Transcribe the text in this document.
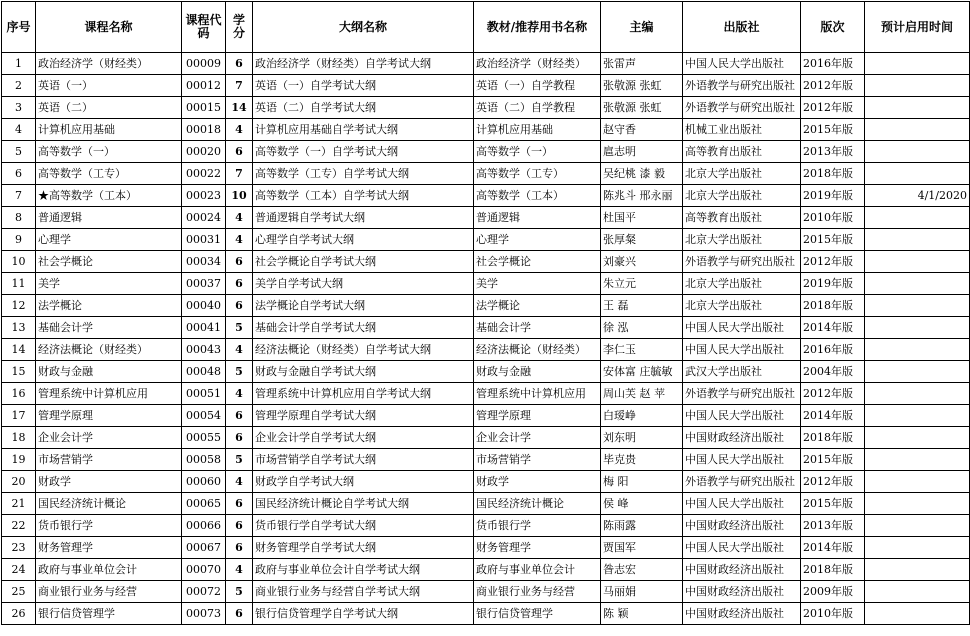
序号	课程名称	课程代码	学分	大纲名称	教材/推荐用书名称	主编	出版社	版次	预计启用时间
1	政治经济学（财经类）	00009	6	政治经济学（财经类）自学考试大纲	政治经济学（财经类）	张雷声	中国人民大学出版社	2016年版	
2	英语（一）	00012	7	英语（一）自学考试大纲	英语（一）自学教程	张敬源 张虹	外语教学与研究出版社	2012年版	
3	英语（二）	00015	14	英语（二）自学考试大纲	英语（二）自学教程	张敬源 张虹	外语教学与研究出版社	2012年版	
4	计算机应用基础	00018	4	计算机应用基础自学考试大纲	计算机应用基础	赵守香	机械工业出版社	2015年版	
5	高等数学（一）	00020	6	高等数学（一）自学考试大纲	高等数学（一）	扈志明	高等教育出版社	2013年版	
6	高等数学（工专）	00022	7	高等数学（工专）自学考试大纲	高等数学（工专）	吴纪桃 漆 毅	北京大学出版社	2018年版	
7	★高等数学（工本）	00023	10	高等数学（工本）自学考试大纲	高等数学（工本）	陈兆斗 邢永丽	北京大学出版社	2019年版	4/1/2020
8	普通逻辑	00024	4	普通逻辑自学考试大纲	普通逻辑	杜国平	高等教育出版社	2010年版	
9	心理学	00031	4	心理学自学考试大纲	心理学	张厚粲	北京大学出版社	2015年版	
10	社会学概论	00034	6	社会学概论自学考试大纲	社会学概论	刘豪兴	外语教学与研究出版社	2012年版	
11	美学	00037	6	美学自学考试大纲	美学	朱立元	北京大学出版社	2019年版	
12	法学概论	00040	6	法学概论自学考试大纲	法学概论	王 磊	北京大学出版社	2018年版	
13	基础会计学	00041	5	基础会计学自学考试大纲	基础会计学	徐 泓	中国人民大学出版社	2014年版	
14	经济法概论（财经类）	00043	4	经济法概论（财经类）自学考试大纲	经济法概论（财经类）	李仁玉	中国人民大学出版社	2016年版	
15	财政与金融	00048	5	财政与金融自学考试大纲	财政与金融	安体富 庄毓敏	武汉大学出版社	2004年版	
16	管理系统中计算机应用	00051	4	管理系统中计算机应用自学考试大纲	管理系统中计算机应用	周山芙 赵 苹	外语教学与研究出版社	2012年版	
17	管理学原理	00054	6	管理学原理自学考试大纲	管理学原理	白瑷峥	中国人民大学出版社	2014年版	
18	企业会计学	00055	6	企业会计学自学考试大纲	企业会计学	刘东明	中国财政经济出版社	2018年版	
19	市场营销学	00058	5	市场营销学自学考试大纲	市场营销学	毕克贵	中国人民大学出版社	2015年版	
20	财政学	00060	4	财政学自学考试大纲	财政学	梅 阳	外语教学与研究出版社	2012年版	
21	国民经济统计概论	00065	6	国民经济统计概论自学考试大纲	国民经济统计概论	侯 峰	中国人民大学出版社	2015年版	
22	货币银行学	00066	6	货币银行学自学考试大纲	货币银行学	陈雨露	中国财政经济出版社	2013年版	
23	财务管理学	00067	6	财务管理学自学考试大纲	财务管理学	贾国军	中国人民大学出版社	2014年版	
24	政府与事业单位会计	00070	4	政府与事业单位会计自学考试大纲	政府与事业单位会计	昝志宏	中国财政经济出版社	2018年版	
25	商业银行业务与经营	00072	5	商业银行业务与经营自学考试大纲	商业银行业务与经营	马丽娟	中国财政经济出版社	2009年版	
26	银行信贷管理学	00073	6	银行信贷管理学自学考试大纲	银行信贷管理学	陈 颖	中国财政经济出版社	2010年版	
